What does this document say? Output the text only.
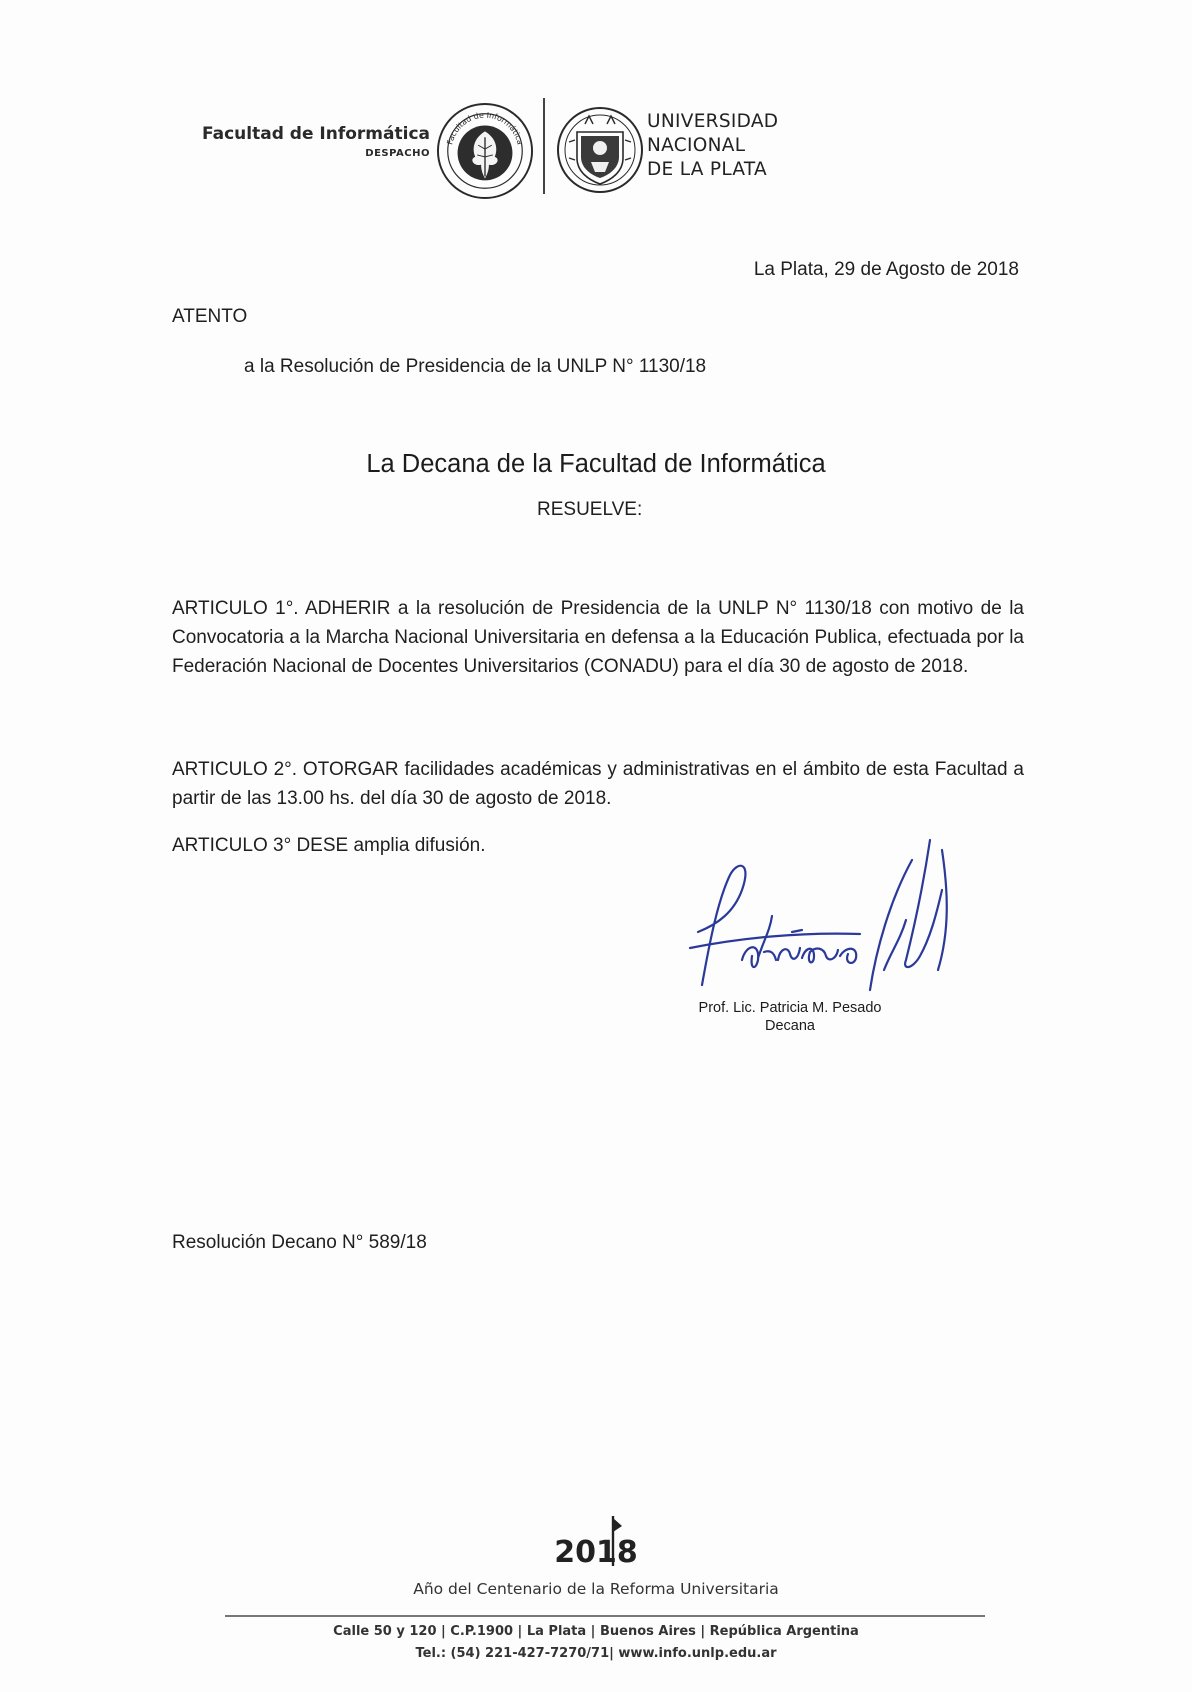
Facultad de Informática
DESPACHO
Facultad de Informática
UNIVERSIDAD
NACIONAL
DE LA PLATA
La Plata, 29 de Agosto de 2018
ATENTO
a la Resolución de Presidencia de la UNLP N° 1130/18
La Decana de la Facultad de Informática
RESUELVE:
ARTICULO 1°. ADHERIR a la resolución de Presidencia de la UNLP N° 1130/18 con motivo de la Convocatoria a la Marcha Nacional Universitaria en defensa a la Educación Publica, efectuada por la Federación Nacional de Docentes Universitarios (CONADU) para el día 30 de agosto de 2018.
ARTICULO 2°. OTORGAR facilidades académicas y administrativas en el ámbito de esta Facultad a partir de las 13.00 hs. del día 30 de agosto de 2018.
ARTICULO 3° DESE amplia difusión.
Prof. Lic. Patricia M. Pesado
Decana
Resolución Decano N° 589/18
2018
Año del Centenario de la Reforma Universitaria
Calle 50 y 120 | C.P.1900 | La Plata | Buenos Aires | República Argentina
Tel.: (54) 221-427-7270/71| www.info.unlp.edu.ar
